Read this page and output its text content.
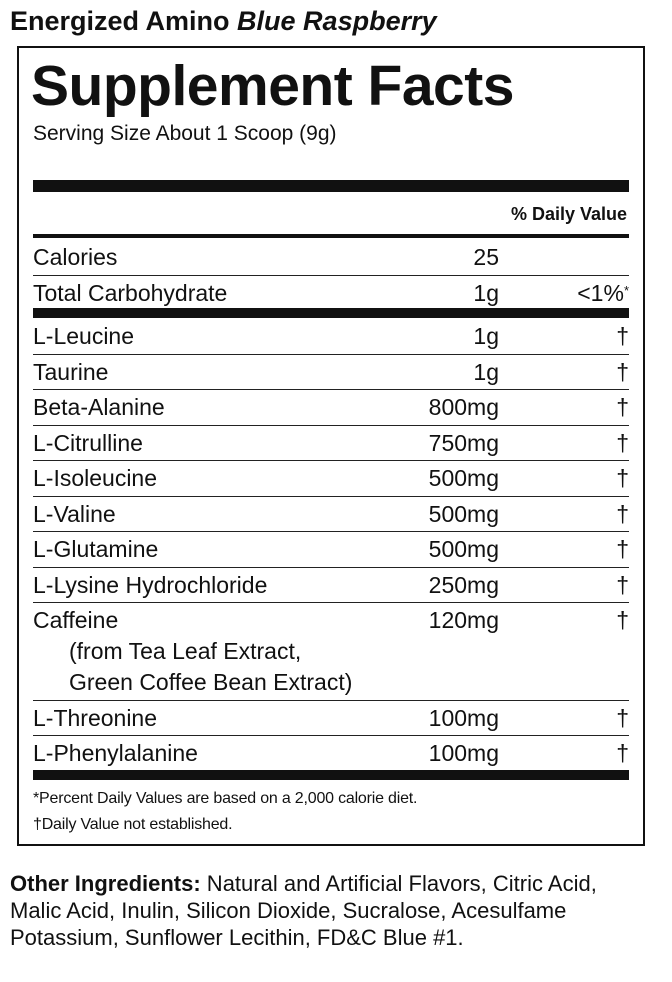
Energized Amino Blue Raspberry
Supplement Facts
Serving Size About 1 Scoop (9g)
% Daily Value
Calories	25
Total Carbohydrate	1g	<1%*
L-Leucine	1g	†
Taurine	1g	†
Beta-Alanine	800mg	†
L-Citrulline	750mg	†
L-Isoleucine	500mg	†
L-Valine	500mg	†
L-Glutamine	500mg	†
L-Lysine Hydrochloride	250mg	†
Caffeine	120mg	†
(from Tea Leaf Extract,
Green Coffee Bean Extract)
L-Threonine	100mg	†
L-Phenylalanine	100mg	†
*Percent Daily Values are based on a 2,000 calorie diet.
†Daily Value not established.
Other Ingredients: Natural and Artificial Flavors, Citric Acid, Malic Acid, Inulin, Silicon Dioxide, Sucralose, Acesulfame Potassium, Sunflower Lecithin, FD&C Blue #1.
